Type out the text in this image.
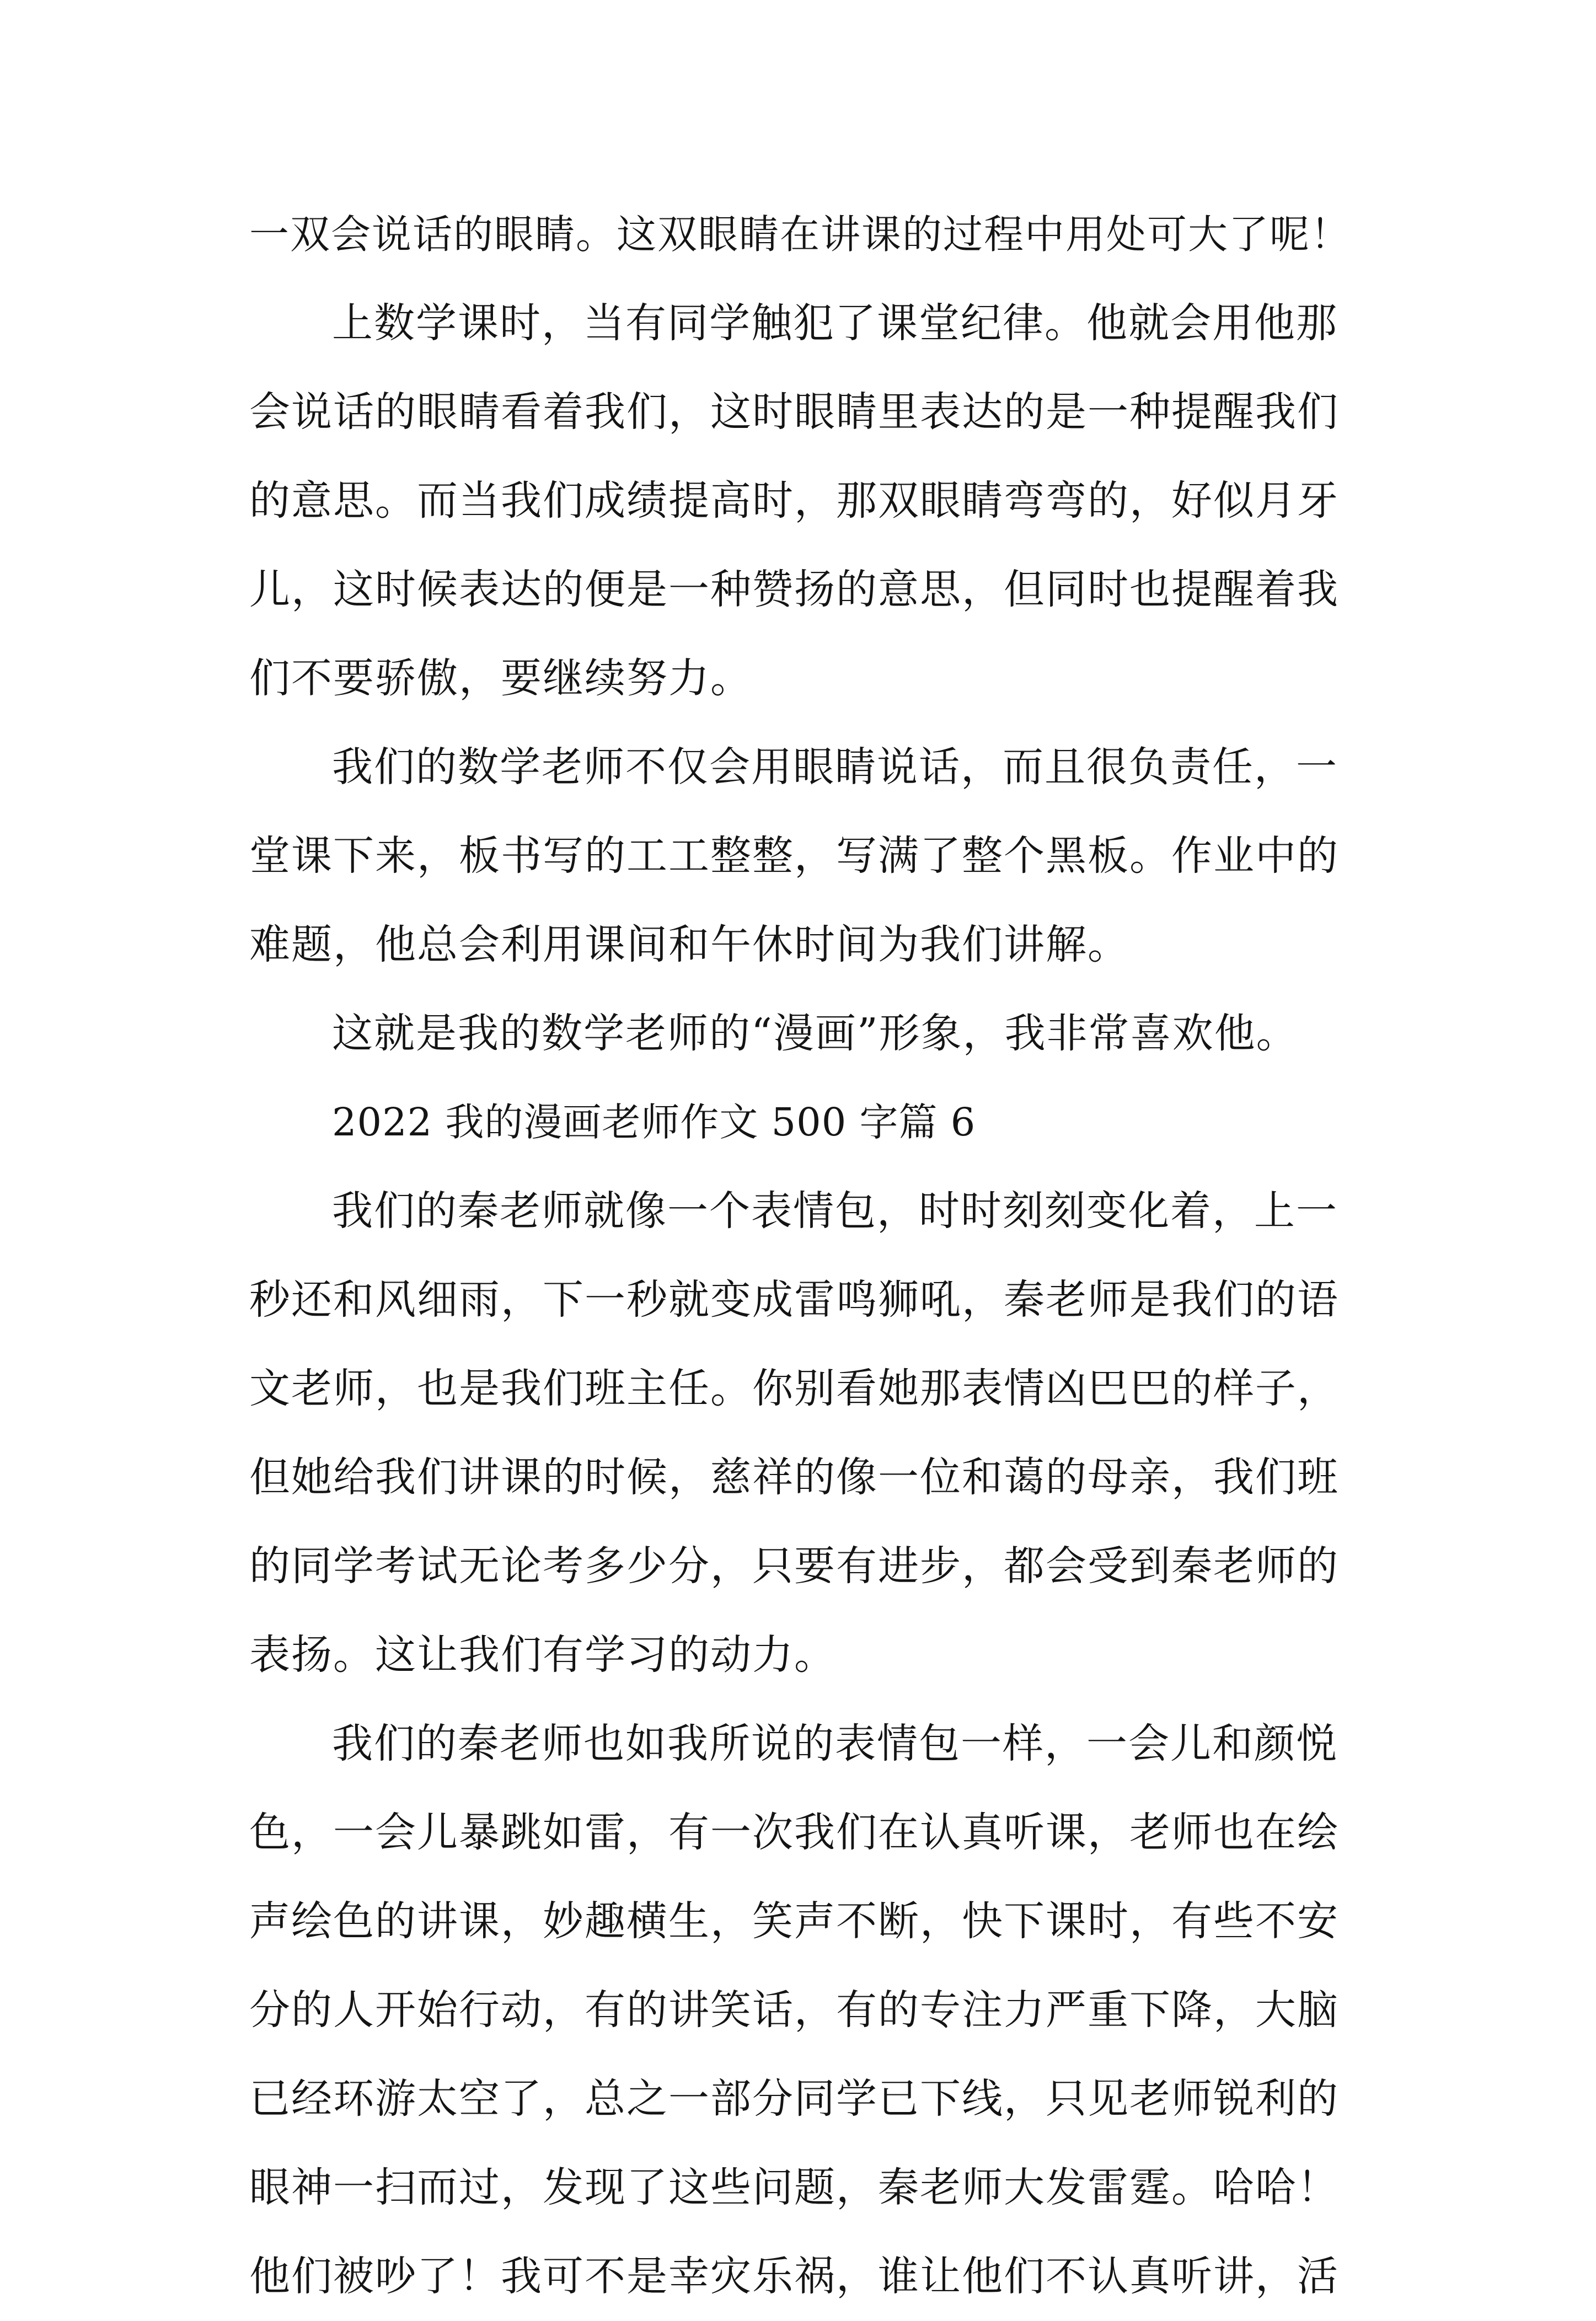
一双会说话的眼睛。这双眼睛在讲课的过程中用处可大了呢！
上数学课时，当有同学触犯了课堂纪律。他就会用他那
会说话的眼睛看着我们，这时眼睛里表达的是一种提醒我们
的意思。而当我们成绩提高时，那双眼睛弯弯的，好似月牙
儿，这时候表达的便是一种赞扬的意思，但同时也提醒着我
们不要骄傲，要继续努力。
我们的数学老师不仅会用眼睛说话，而且很负责任，一
堂课下来，板书写的工工整整，写满了整个黑板。作业中的
难题，他总会利用课间和午休时间为我们讲解。
这就是我的数学老师的“漫画”形象，我非常喜欢他。
2022 我的漫画老师作文 500 字篇 6
我们的秦老师就像一个表情包，时时刻刻变化着，上一
秒还和风细雨，下一秒就变成雷鸣狮吼，秦老师是我们的语
文老师，也是我们班主任。你别看她那表情凶巴巴的样子，
但她给我们讲课的时候，慈祥的像一位和蔼的母亲，我们班
的同学考试无论考多少分，只要有进步，都会受到秦老师的
表扬。这让我们有学习的动力。
我们的秦老师也如我所说的表情包一样，一会儿和颜悦
色，一会儿暴跳如雷，有一次我们在认真听课，老师也在绘
声绘色的讲课，妙趣横生，笑声不断，快下课时，有些不安
分的人开始行动，有的讲笑话，有的专注力严重下降，大脑
已经环游太空了，总之一部分同学已下线，只见老师锐利的
眼神一扫而过，发现了这些问题，秦老师大发雷霆。哈哈！
他们被吵了！我可不是幸灾乐祸，谁让他们不认真听讲，活
